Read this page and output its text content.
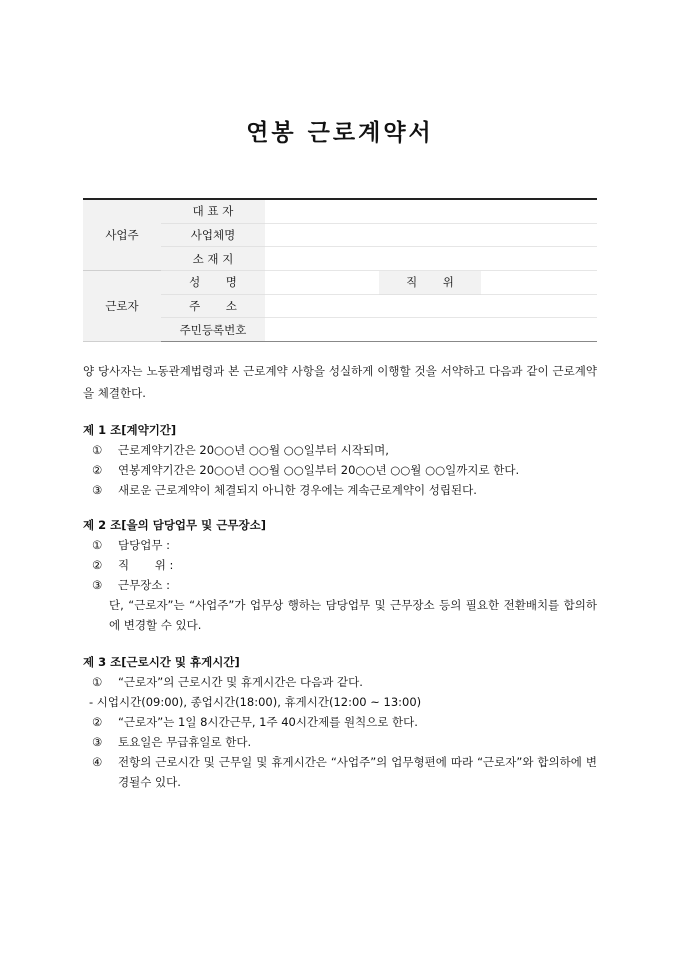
연봉 근로계약서
사업주	대 표 자			
	사업체명			
	소 재 지			
근로자	성       명		직       위	
	주       소			
	주민등록번호			

양 당사자는 노동관계법령과 본 근로계약 사항을 성실하게 이행할 것을 서약하고 다음과 같이 근로계약을 체결한다.

제 1 조[계약기간]
①	근로계약기간은 20○○년 ○○월 ○○일부터 시작되며,
②	연봉계약기간은 20○○년 ○○월 ○○일부터 20○○년 ○○월 ○○일까지로 한다.
③	새로운 근로계약이 체결되지 아니한 경우에는 계속근로계약이 성립된다.
제 2 조[을의 담당업무 및 근무장소]
①	담당업무 :
②	직       위 :
③	근무장소 :
단, “근로자”는 “사업주”가 업무상 행하는 담당업무 및 근무장소 등의 필요한 전환배치를 합의하에 변경할 수 있다.
제 3 조[근로시간 및 휴게시간]
①	“근로자”의 근로시간 및 휴게시간은 다음과 같다.
- 시업시간(09:00), 종업시간(18:00), 휴게시간(12:00 ~ 13:00)
②	“근로자”는 1일 8시간근무, 1주 40시간제를 원칙으로 한다.
③	토요일은 무급휴일로 한다.
④	전항의 근로시간 및 근무일 및 휴게시간은 “사업주”의 업무형편에 따라 “근로자”와 합의하에 변경될수 있다.
